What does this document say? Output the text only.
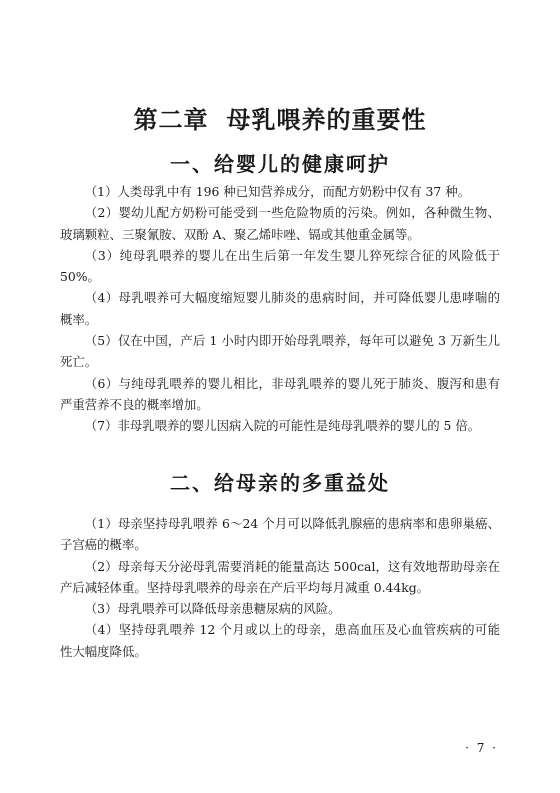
第二章 母乳喂养的重要性
一、给婴儿的健康呵护

（1）人类母乳中有 196 种已知营养成分，而配方奶粉中仅有 37 种。

（2）婴幼儿配方奶粉可能受到一些危险物质的污染。例如，各种微生物、玻璃颗粒、三聚氰胺、双酚 A、聚乙烯咔唑、镉或其他重金属等。

（3）纯母乳喂养的婴儿在出生后第一年发生婴儿猝死综合征的风险低于 50%。

（4）母乳喂养可大幅度缩短婴儿肺炎的患病时间，并可降低婴儿患哮喘的概率。

（5）仅在中国，产后 1 小时内即开始母乳喂养，每年可以避免 3 万新生儿死亡。

（6）与纯母乳喂养的婴儿相比，非母乳喂养的婴儿死于肺炎、腹泻和患有严重营养不良的概率增加。

（7）非母乳喂养的婴儿因病入院的可能性是纯母乳喂养的婴儿的 5 倍。

二、给母亲的多重益处

（1）母亲坚持母乳喂养 6～24 个月可以降低乳腺癌的患病率和患卵巢癌、子宫癌的概率。

（2）母亲每天分泌母乳需要消耗的能量高达 500cal，这有效地帮助母亲在产后减轻体重。坚持母乳喂养的母亲在产后平均每月减重 0.44kg。

（3）母乳喂养可以降低母亲患糖尿病的风险。

（4）坚持母乳喂养 12 个月或以上的母亲，患高血压及心血管疾病的可能性大幅度降低。

· 7 ·
